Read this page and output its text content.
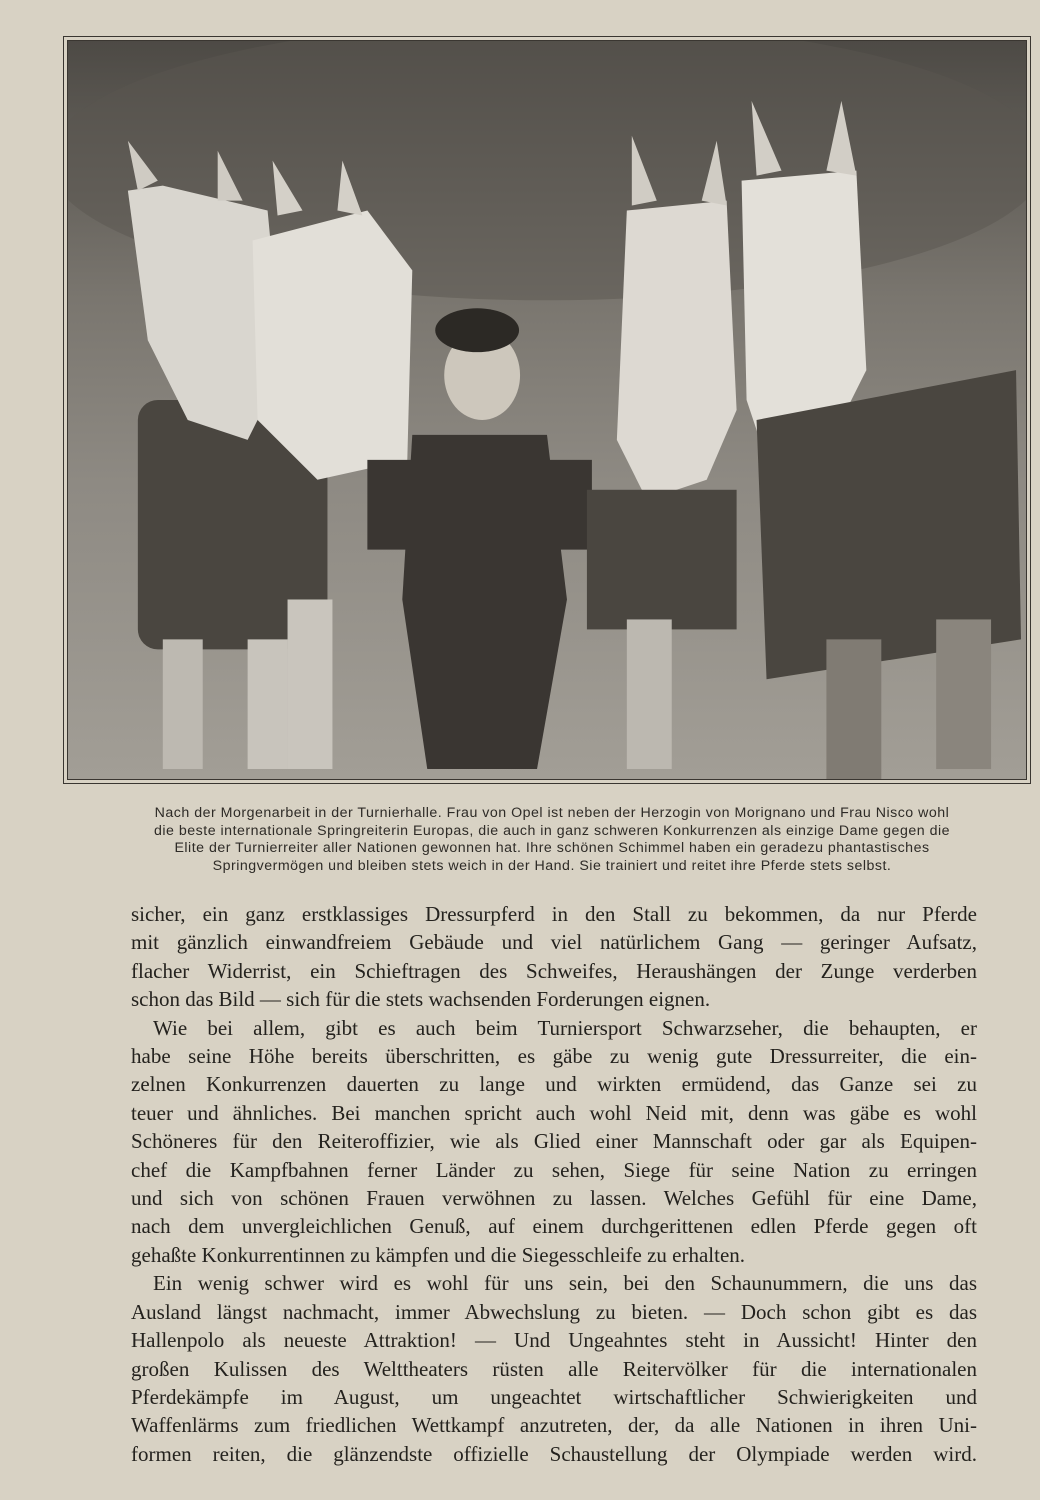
Nach der Morgenarbeit in der Turnierhalle. Frau von Opel ist neben der Herzogin von Morignano und Frau Nisco wohl
die beste internationale Springreiterin Europas, die auch in ganz schweren Konkurrenzen als einzige Dame gegen die
Elite der Turnierreiter aller Nationen gewonnen hat. Ihre schönen Schimmel haben ein geradezu phantastisches
Springvermögen und bleiben stets weich in der Hand. Sie trainiert und reitet ihre Pferde stets selbst.
sicher, ein ganz erstklassiges Dressurpferd in den Stall zu bekommen, da nur Pferde
mit gänzlich einwandfreiem Gebäude und viel natürlichem Gang — geringer Aufsatz,
flacher Widerrist, ein Schieftragen des Schweifes, Heraushängen der Zunge verderben
schon das Bild — sich für die stets wachsenden Forderungen eignen.
Wie bei allem, gibt es auch beim Turniersport Schwarzseher, die behaupten, er
habe seine Höhe bereits überschritten, es gäbe zu wenig gute Dressurreiter, die ein-
zelnen Konkurrenzen dauerten zu lange und wirkten ermüdend, das Ganze sei zu
teuer und ähnliches. Bei manchen spricht auch wohl Neid mit, denn was gäbe es wohl
Schöneres für den Reiteroffizier, wie als Glied einer Mannschaft oder gar als Equipen-
chef die Kampfbahnen ferner Länder zu sehen, Siege für seine Nation zu erringen
und sich von schönen Frauen verwöhnen zu lassen. Welches Gefühl für eine Dame,
nach dem unvergleichlichen Genuß, auf einem durchgerittenen edlen Pferde gegen oft
gehaßte Konkurrentinnen zu kämpfen und die Siegesschleife zu erhalten.
Ein wenig schwer wird es wohl für uns sein, bei den Schaunummern, die uns das
Ausland längst nachmacht, immer Abwechslung zu bieten. — Doch schon gibt es das
Hallenpolo als neueste Attraktion! — Und Ungeahntes steht in Aussicht! Hinter den
großen Kulissen des Welttheaters rüsten alle Reitervölker für die internationalen
Pferdekämpfe im August, um ungeachtet wirtschaftlicher Schwierigkeiten und
Waffenlärms zum friedlichen Wettkampf anzutreten, der, da alle Nationen in ihren Uni-
formen reiten, die glänzendste offizielle Schaustellung der Olympiade werden wird.
